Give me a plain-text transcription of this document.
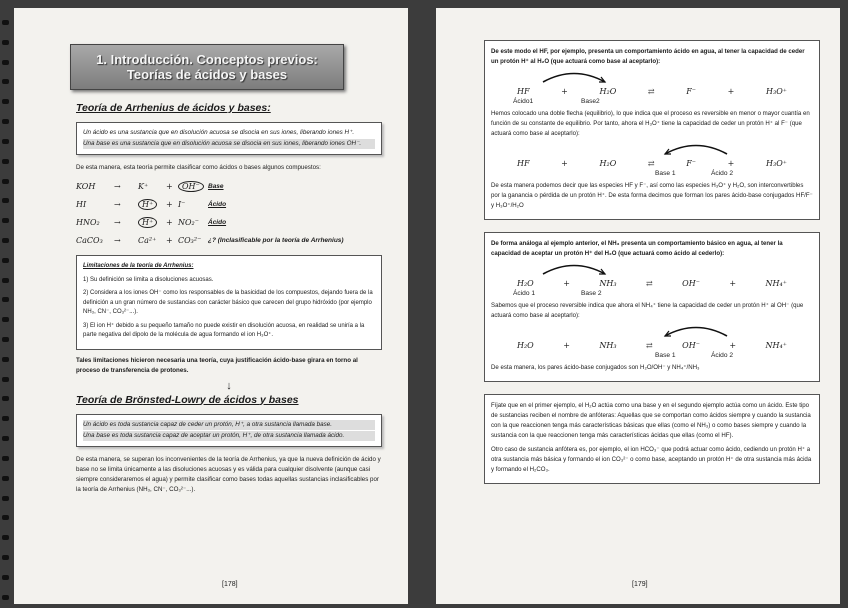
1. Introducción. Conceptos previos:
Teorías de ácidos y bases
Teoría de Arrhenius de ácidos y bases:

Un ácido es una sustancia que en disolución acuosa se disocia en sus iones, liberando iones H⁺.

Una base es una sustancia que en disolución acuosa se disocia en sus iones, liberando iones OH⁻.

De esta manera, esta teoría permite clasificar como ácidos o bases algunos compuestos:

KOH	→	K⁺	+	OH⁻	Base
HI	→	H⁺	+ I⁻	Ácido
HNO₂	→	H⁺	+ NO₂⁻	Ácido
CaCO₃	→	Ca²⁺	+ CO₃²⁻	¿? (Inclasificable por la teoría de Arrhenius)

Limitaciones de la teoría de Arrhenius:

1) Su definición se limita a disoluciones acuosas.

2) Considera a los iones OH⁻ como los responsables de la basicidad de los compuestos, dejando fuera de la definición a un gran número de sustancias con carácter básico que carecen del grupo hidróxido (por ejemplo NH₃, CN⁻, CO₃²⁻...).

3) El ion H⁺ debido a su pequeño tamaño no puede existir en disolución acuosa, en realidad se uniría a la parte negativa del dipolo de la molécula de agua formando el ion H₃O⁺.

Tales limitaciones hicieron necesaria una teoría, cuya justificación ácido-base girara en torno al proceso de transferencia de protones.

↓
Teoría de Brönsted-Lowry de ácidos y bases

Un ácido es toda sustancia capaz de ceder un protón, H⁺, a otra sustancia llamada base.

Una base es toda sustancia capaz de aceptar un protón, H⁺, de otra sustancia llamada ácido.

De esta manera, se superan los inconvenientes de la teoría de Arrhenius, ya que la nueva definición de ácido y base no se limita únicamente a las disoluciones acuosas y es válida para cualquier disolvente (aunque casi siempre consideraremos el agua) y permite clasificar como bases todas aquellas sustancias inclasificables por la teoría de Arrhenius (NH₃, CN⁻, CO₃²⁻...).

[178]

De este modo el HF, por ejemplo, presenta un comportamiento ácido en agua, al tener la capacidad de ceder un protón H⁺ al H₂O (que actuará como base al aceptarlo):

HF	+	H₂O	⇄	F⁻	+	H₃O⁺
Ácido1	Base2

Hemos colocado una doble flecha (equilibrio), lo que indica que el proceso es reversible en menor o mayor cuantía en función de su constante de equilibrio. Por tanto, ahora el H₃O⁺ tiene la capacidad de ceder un protón H⁺ al F⁻ (que actuará como base al aceptarlo):

HF	+	H₂O	⇄	F⁻	+	H₃O⁺
Base 1	Ácido 2

De esta manera podemos decir que las especies HF y F⁻, así como las especies H₃O⁺ y H₂O, son interconvertibles por la ganancia o pérdida de un protón H⁺. De esta forma decimos que forman los pares ácido-base conjugados HF/F⁻ y H₃O⁺/H₂O

De forma análoga al ejemplo anterior, el NH₃ presenta un comportamiento básico en agua, al tener la capacidad de aceptar un protón H⁺ del H₂O (que actuará como ácido al cederlo):

H₂O	+	NH₃	⇄	OH⁻	+	NH₄⁺
Ácido 1	Base 2

Sabemos que el proceso reversible indica que ahora el NH₄⁺ tiene la capacidad de ceder un protón H⁺ al OH⁻ (que actuará como base al aceptarlo):

H₂O	+	NH₃	⇄	OH⁻	+	NH₄⁺
Base 1	Ácido 2

De esta manera, los pares ácido-base conjugados son H₂O/OH⁻ y NH₄⁺/NH₃

Fíjate que en el primer ejemplo, el H₂O actúa como una base y en el segundo ejemplo actúa como un ácido. Este tipo de sustancias reciben el nombre de anfóteras: Aquellas que se comportan como ácidos siempre y cuando la sustancia con la que reaccionen tenga más características básicas que ellas (como el NH₃) o como bases siempre y cuando la sustancia con la que reaccionen tenga más características ácidas que ellas (como el HF).

Otro caso de sustancia anfótera es, por ejemplo, el ion HCO₃⁻ que podrá actuar como ácido, cediendo un protón H⁺ a otra sustancia más básica y formando el ion CO₃²⁻ o como base, aceptando un protón H⁺ de otra sustancia más ácida y formando el H₂CO₃.

[179]
